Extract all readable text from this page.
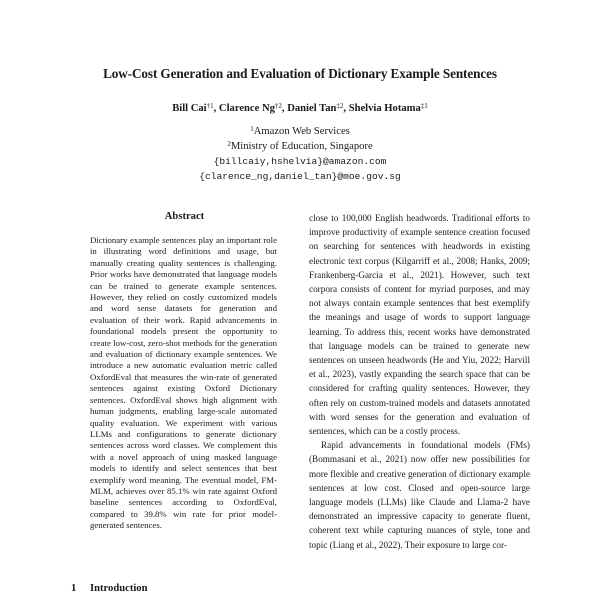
Low-Cost Generation and Evaluation of Dictionary Example Sentences
Bill Cai$^{\dagger 1}$, Clarence Ng$^{\dagger 2}$, Daniel Tan$^{\ddagger 2}$, Shelvia Hotama$^{\ddagger 1}$
$^1$Amazon Web Services
$^2$Ministry of Education, Singapore
{billcaiy,hshelvia}@amazon.com
{clarence_ng,daniel_tan}@moe.gov.sg
Abstract
Dictionary example sentences play an important role in illustrating word definitions and usage, but manually creating quality sentences is challenging. Prior works have demonstrated that language models can be trained to generate example sentences. However, they relied on costly customized models and word sense datasets for generation and evaluation of their work. Rapid advancements in foundational models present the opportunity to create low-cost, zero-shot methods for the generation and evaluation of dictionary example sentences. We introduce a new automatic evaluation metric called OxfordEval that measures the win-rate of generated sentences against existing Oxford Dictionary sentences. OxfordEval shows high alignment with human judgments, enabling large-scale automated quality evaluation. We experiment with various LLMs and configurations to generate dictionary sentences across word classes. We complement this with a novel approach of using masked language models to identify and select sentences that best exemplify word meaning. The eventual model, FM-MLM, achieves over 85.1% win rate against Oxford baseline sentences according to OxfordEval, compared to 39.8% win rate for prior model-generated sentences.
1 Introduction

close to 100,000 English headwords. Traditional efforts to improve productivity of example sentence creation focused on searching for sentences with headwords in existing electronic text corpus (Kilgarriff et al., 2008; Hanks, 2009; Frankenberg-Garcia et al., 2021). However, such text corpora consists of content for myriad purposes, and may not always contain example sentences that best exemplify the meanings and usage of words to support language learning. To address this, recent works have demonstrated that language models can be trained to generate new sentences on unseen headwords (He and Yiu, 2022; Harvill et al., 2023), vastly expanding the search space that can be considered for crafting quality sentences. However, they often rely on custom-trained models and datasets annotated with word senses for the generation and evaluation of sentences, which can be a costly process.

Rapid advancements in foundational models (FMs) (Bommasani et al., 2021) now offer new possibilities for more flexible and creative generation of dictionary example sentences at low cost. Closed and open-source large language models (LLMs) like Claude and Llama-2 have demonstrated an impressive capacity to generate fluent, coherent text while capturing nuances of style, tone and topic (Liang et al., 2022). Their exposure to large cor-
